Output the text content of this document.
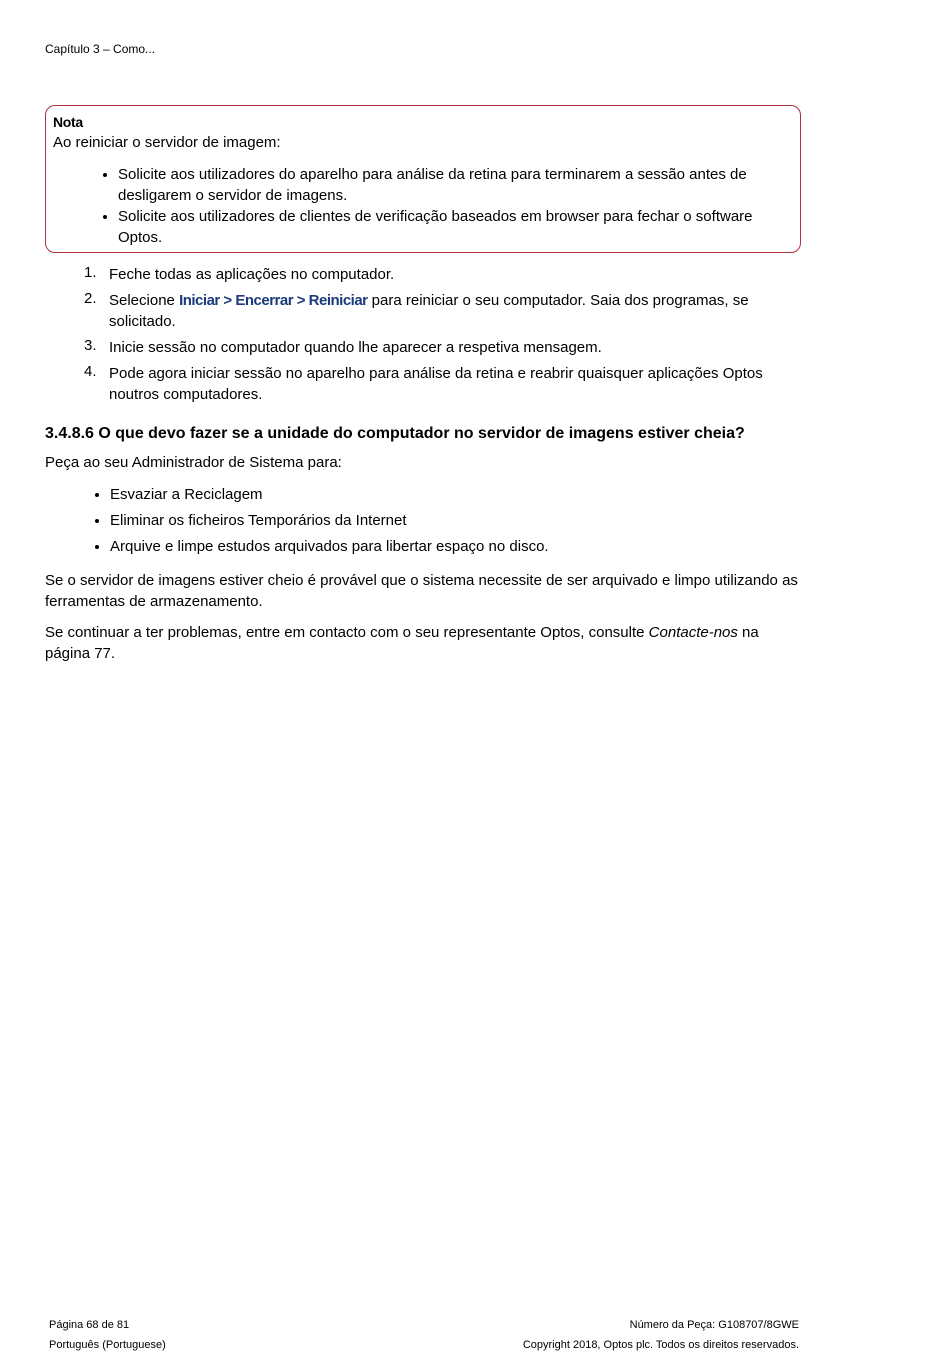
Capítulo 3 – Como...
Nota
Ao reiniciar o servidor de imagem:
• Solicite aos utilizadores do aparelho para análise da retina para terminarem a sessão antes de desligarem o servidor de imagens.
• Solicite aos utilizadores de clientes de verificação baseados em browser para fechar o software Optos.
1. Feche todas as aplicações no computador.
2. Selecione Iniciar > Encerrar > Reiniciar para reiniciar o seu computador. Saia dos programas, se solicitado.
3. Inicie sessão no computador quando lhe aparecer a respetiva mensagem.
4. Pode agora iniciar sessão no aparelho para análise da retina e reabrir quaisquer aplicações Optos noutros computadores.
3.4.8.6 O que devo fazer se a unidade do computador no servidor de imagens estiver cheia?

Peça ao seu Administrador de Sistema para:

• Esvaziar a Reciclagem
• Eliminar os ficheiros Temporários da Internet
• Arquive e limpe estudos arquivados para libertar espaço no disco.

Se o servidor de imagens estiver cheio é provável que o sistema necessite de ser arquivado e limpo utilizando as ferramentas de armazenamento.

Se continuar a ter problemas, entre em contacto com o seu representante Optos, consulte Contacte-nos na página 77.

Página 68 de 81
Português (Portuguese)
Número da Peça: G108707/8GWE
Copyright 2018, Optos plc. Todos os direitos reservados.
